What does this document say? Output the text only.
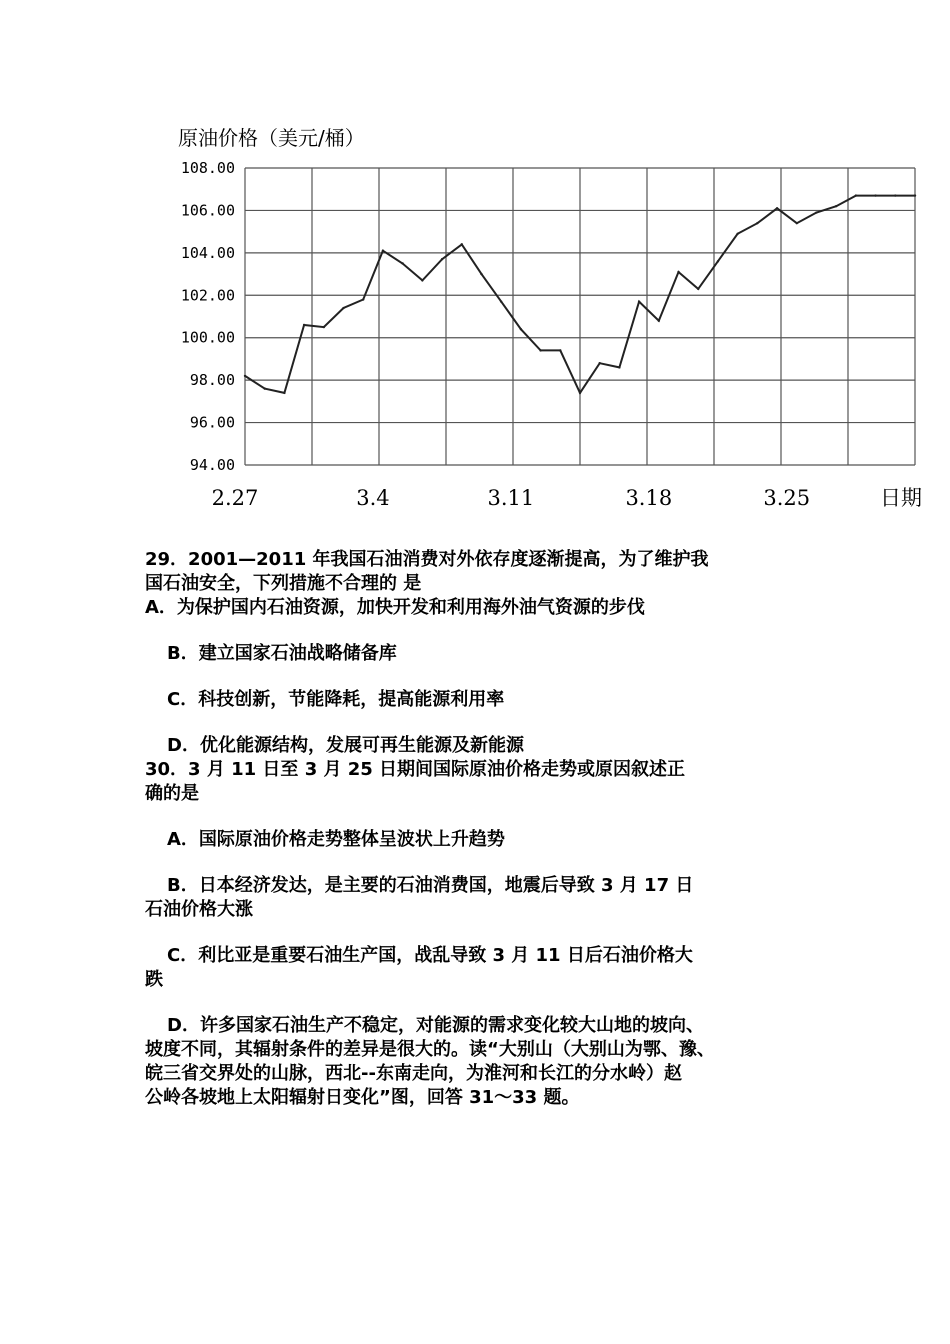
原油价格（美元/桶）
108.00
106.00
104.00
102.00
100.00
98.00
96.00
94.00
2.27	3.4	3.11	3.18	3.25	日期

29．2001—2011 年我国石油消费对外依存度逐渐提高，为了维护我

国石油安全，下列措施不合理的 是

A．为保护国内石油资源，加快开发和利用海外油气资源的步伐

B．建立国家石油战略储备库

C．科技创新，节能降耗，提高能源利用率

D．优化能源结构，发展可再生能源及新能源

30．3 月 11 日至 3 月 25 日期间国际原油价格走势或原因叙述正

确的是

A．国际原油价格走势整体呈波状上升趋势

B．日本经济发达，是主要的石油消费国，地震后导致 3 月 17 日

石油价格大涨

C．利比亚是重要石油生产国，战乱导致 3 月 11 日后石油价格大

跌

D．许多国家石油生产不稳定，对能源的需求变化较大山地的坡向、

坡度不同，其辐射条件的差异是很大的。读“大别山（大别山为鄂、豫、

皖三省交界处的山脉，西北--东南走向，为淮河和长江的分水岭）赵

公岭各坡地上太阳辐射日变化”图，回答 31～33 题。
